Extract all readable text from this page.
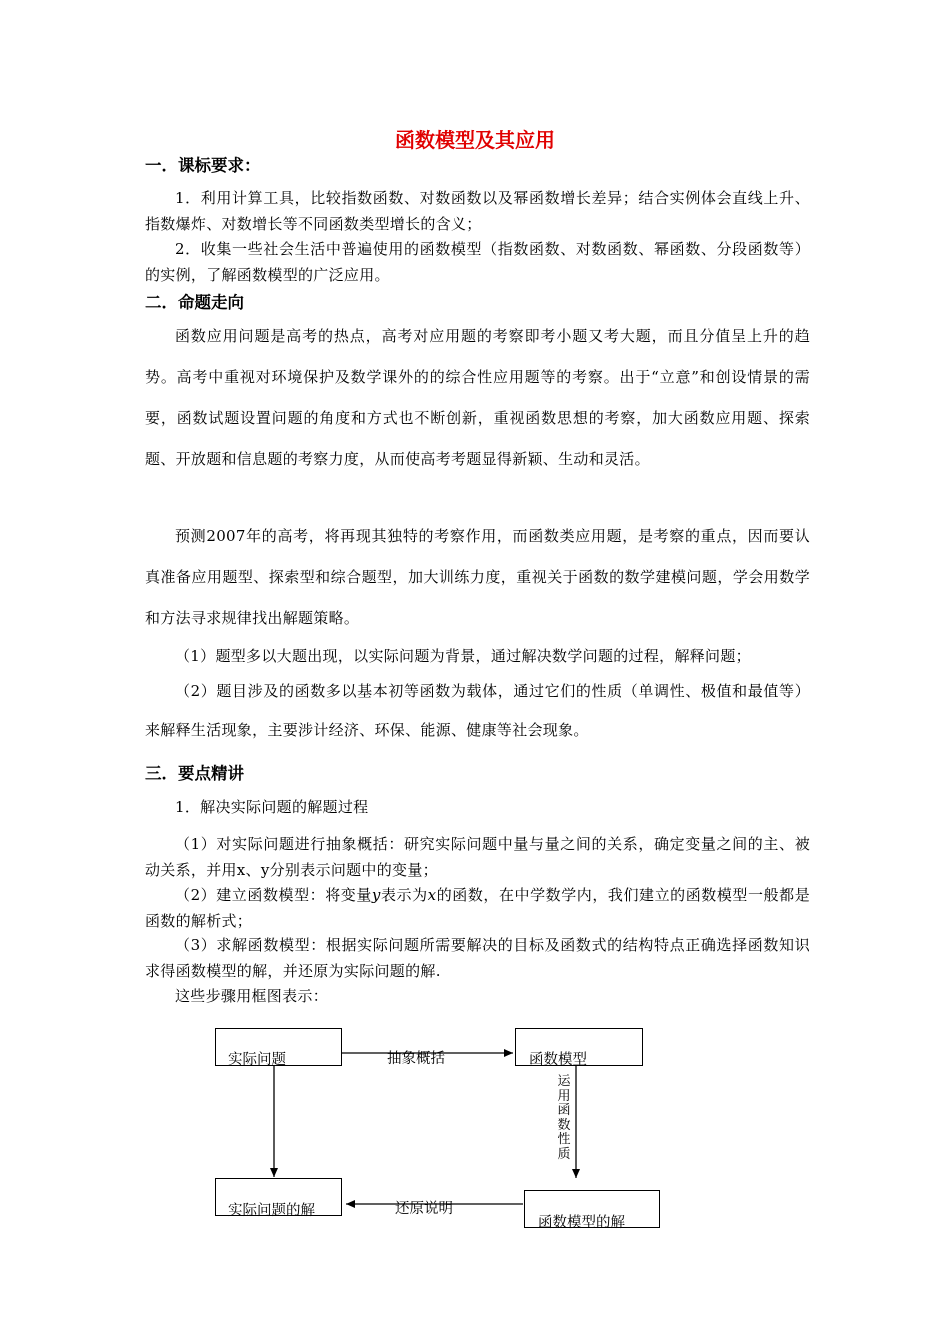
函数模型及其应用
一．课标要求：
1．利用计算工具，比较指数函数、对数函数以及幂函数增长差异；结合实例体会直线上升、指数爆炸、对数增长等不同函数类型增长的含义；
2．收集一些社会生活中普遍使用的函数模型（指数函数、对数函数、幂函数、分段函数等）的实例，了解函数模型的广泛应用。
二．命题走向
函数应用问题是高考的热点，高考对应用题的考察即考小题又考大题，而且分值呈上升的趋势。高考中重视对环境保护及数学课外的的综合性应用题等的考察。出于“立意”和创设情景的需要，函数试题设置问题的角度和方式也不断创新，重视函数思想的考察，加大函数应用题、探索题、开放题和信息题的考察力度，从而使高考考题显得新颖、生动和灵活。
预测2007年的高考，将再现其独特的考察作用，而函数类应用题，是考察的重点，因而要认真准备应用题型、探索型和综合题型，加大训练力度，重视关于函数的数学建模问题，学会用数学和方法寻求规律找出解题策略。
（1）题型多以大题出现，以实际问题为背景，通过解决数学问题的过程，解释问题；
（2）题目涉及的函数多以基本初等函数为载体，通过它们的性质（单调性、极值和最值等）来解释生活现象，主要涉计经济、环保、能源、健康等社会现象。
三．要点精讲
1．解决实际问题的解题过程
（1）对实际问题进行抽象概括：研究实际问题中量与量之间的关系，确定变量之间的主、被动关系，并用x、y分别表示问题中的变量；
（2）建立函数模型：将变量y表示为x的函数，在中学数学内，我们建立的函数模型一般都是函数的解析式；
（3）求解函数模型：根据实际问题所需要解决的目标及函数式的结构特点正确选择函数知识求得函数模型的解，并还原为实际问题的解.
这些步骤用框图表示：
实际问题	函数模型
实际问题的解
函数模型的解
抽象概括
还原说明
运
用
函
数
性
质
